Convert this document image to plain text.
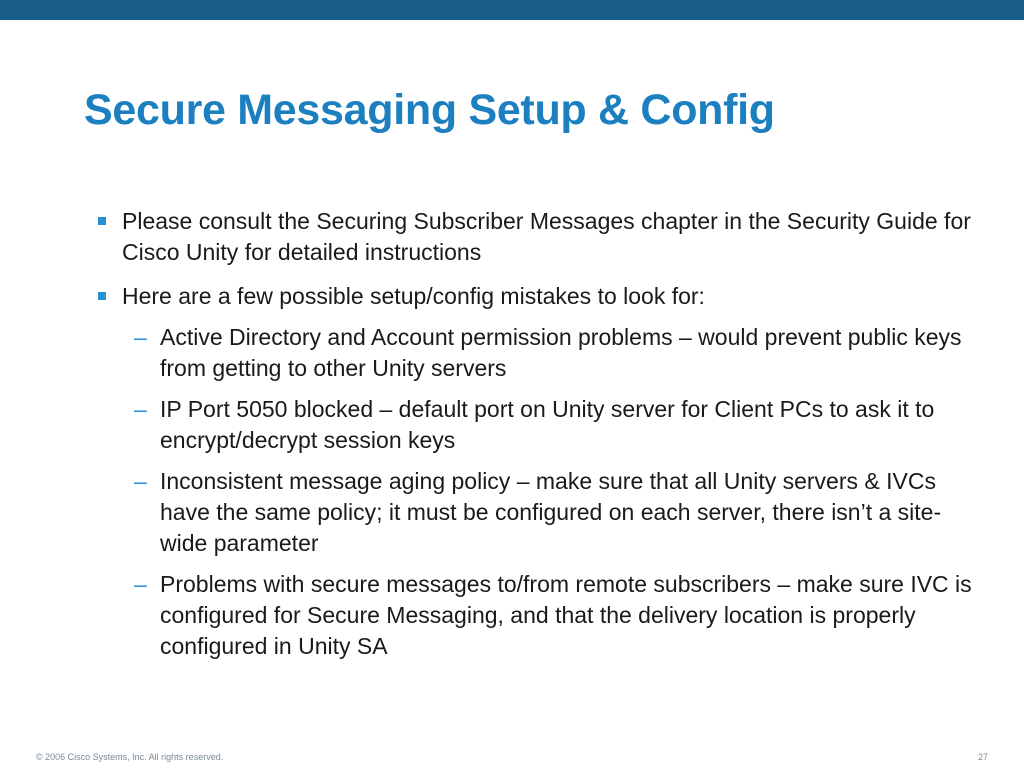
Secure Messaging Setup & Config
Please consult the Securing Subscriber Messages chapter in the Security Guide for Cisco Unity for detailed instructions
Here are a few possible setup/config mistakes to look for:
– Active Directory and Account permission problems – would prevent public keys from getting to other Unity servers
– IP Port 5050 blocked – default port on Unity server for Client PCs to ask it to encrypt/decrypt session keys
– Inconsistent message aging policy – make sure that all Unity servers & IVCs have the same policy; it must be configured on each server, there isn’t a site-wide parameter
– Problems with secure messages to/from remote subscribers – make sure IVC is configured for Secure Messaging, and that the delivery location is properly configured in Unity SA
© 2006 Cisco Systems, Inc. All rights reserved.	27
